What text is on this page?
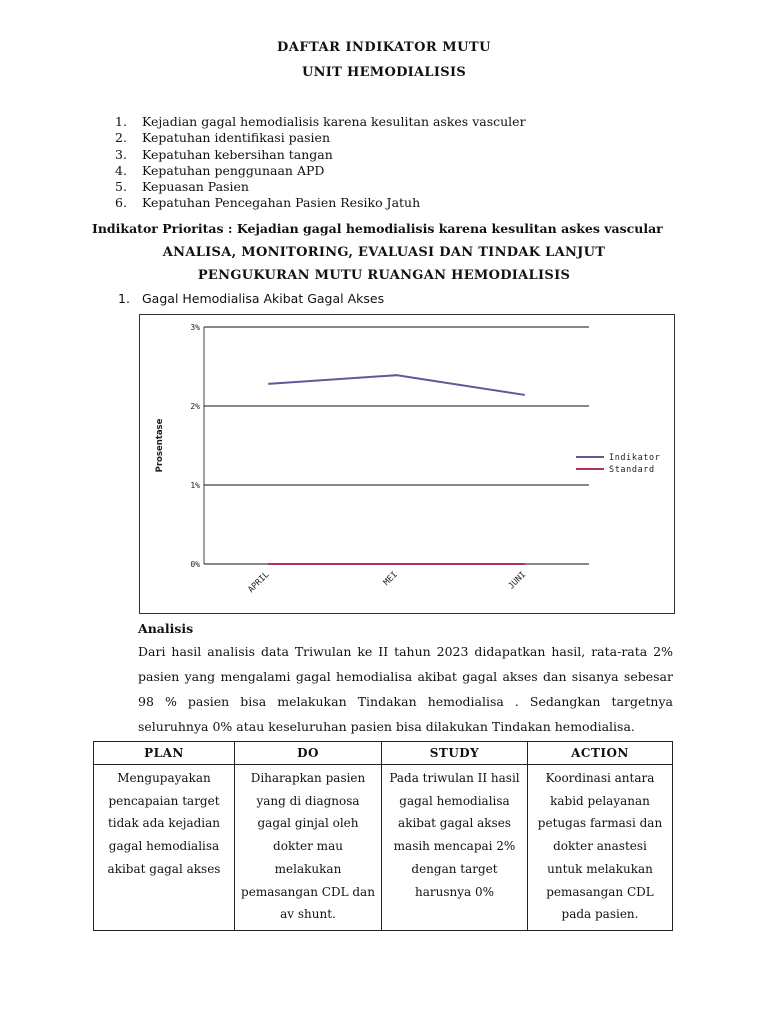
DAFTAR INDIKATOR MUTU
UNIT HEMODIALISIS
1. Kejadian gagal hemodialisis karena kesulitan askes vasculer
2. Kepatuhan identifikasi pasien
3. Kepatuhan kebersihan tangan
4. Kepatuhan penggunaan APD
5. Kepuasan Pasien
6. Kepatuhan Pencegahan Pasien Resiko Jatuh
Indikator Prioritas : Kejadian gagal hemodialisis karena kesulitan askes vascular
ANALISA, MONITORING, EVALUASI DAN TINDAK LANJUT
PENGUKURAN MUTU RUANGAN HEMODIALISIS
1. Gagal Hemodialisa Akibat Gagal Akses
0%
1%
2%
3%
APRIL	MEI	JUNI
Prosentase	Indikator
Standard
Analisis
Dari hasil analisis data Triwulan ke II tahun 2023 didapatkan hasil, rata-rata 2% pasien yang mengalami gagal hemodialisa akibat gagal akses dan sisanya sebesar 98 % pasien bisa melakukan Tindakan hemodialisa . Sedangkan targetnya seluruhnya 0% atau keseluruhan pasien bisa dilakukan Tindakan hemodialisa.
PLAN	DO	STUDY	ACTION
Mengupayakan pencapaian target tidak ada kejadian gagal hemodialisa akibat gagal akses	Diharapkan pasien yang di diagnosa gagal ginjal oleh dokter mau melakukan pemasangan CDL dan av shunt.	Pada triwulan II hasil gagal hemodialisa akibat gagal akses masih mencapai 2% dengan target harusnya 0%	Koordinasi antara kabid pelayanan petugas farmasi dan dokter anastesi untuk melakukan pemasangan CDL pada pasien.
